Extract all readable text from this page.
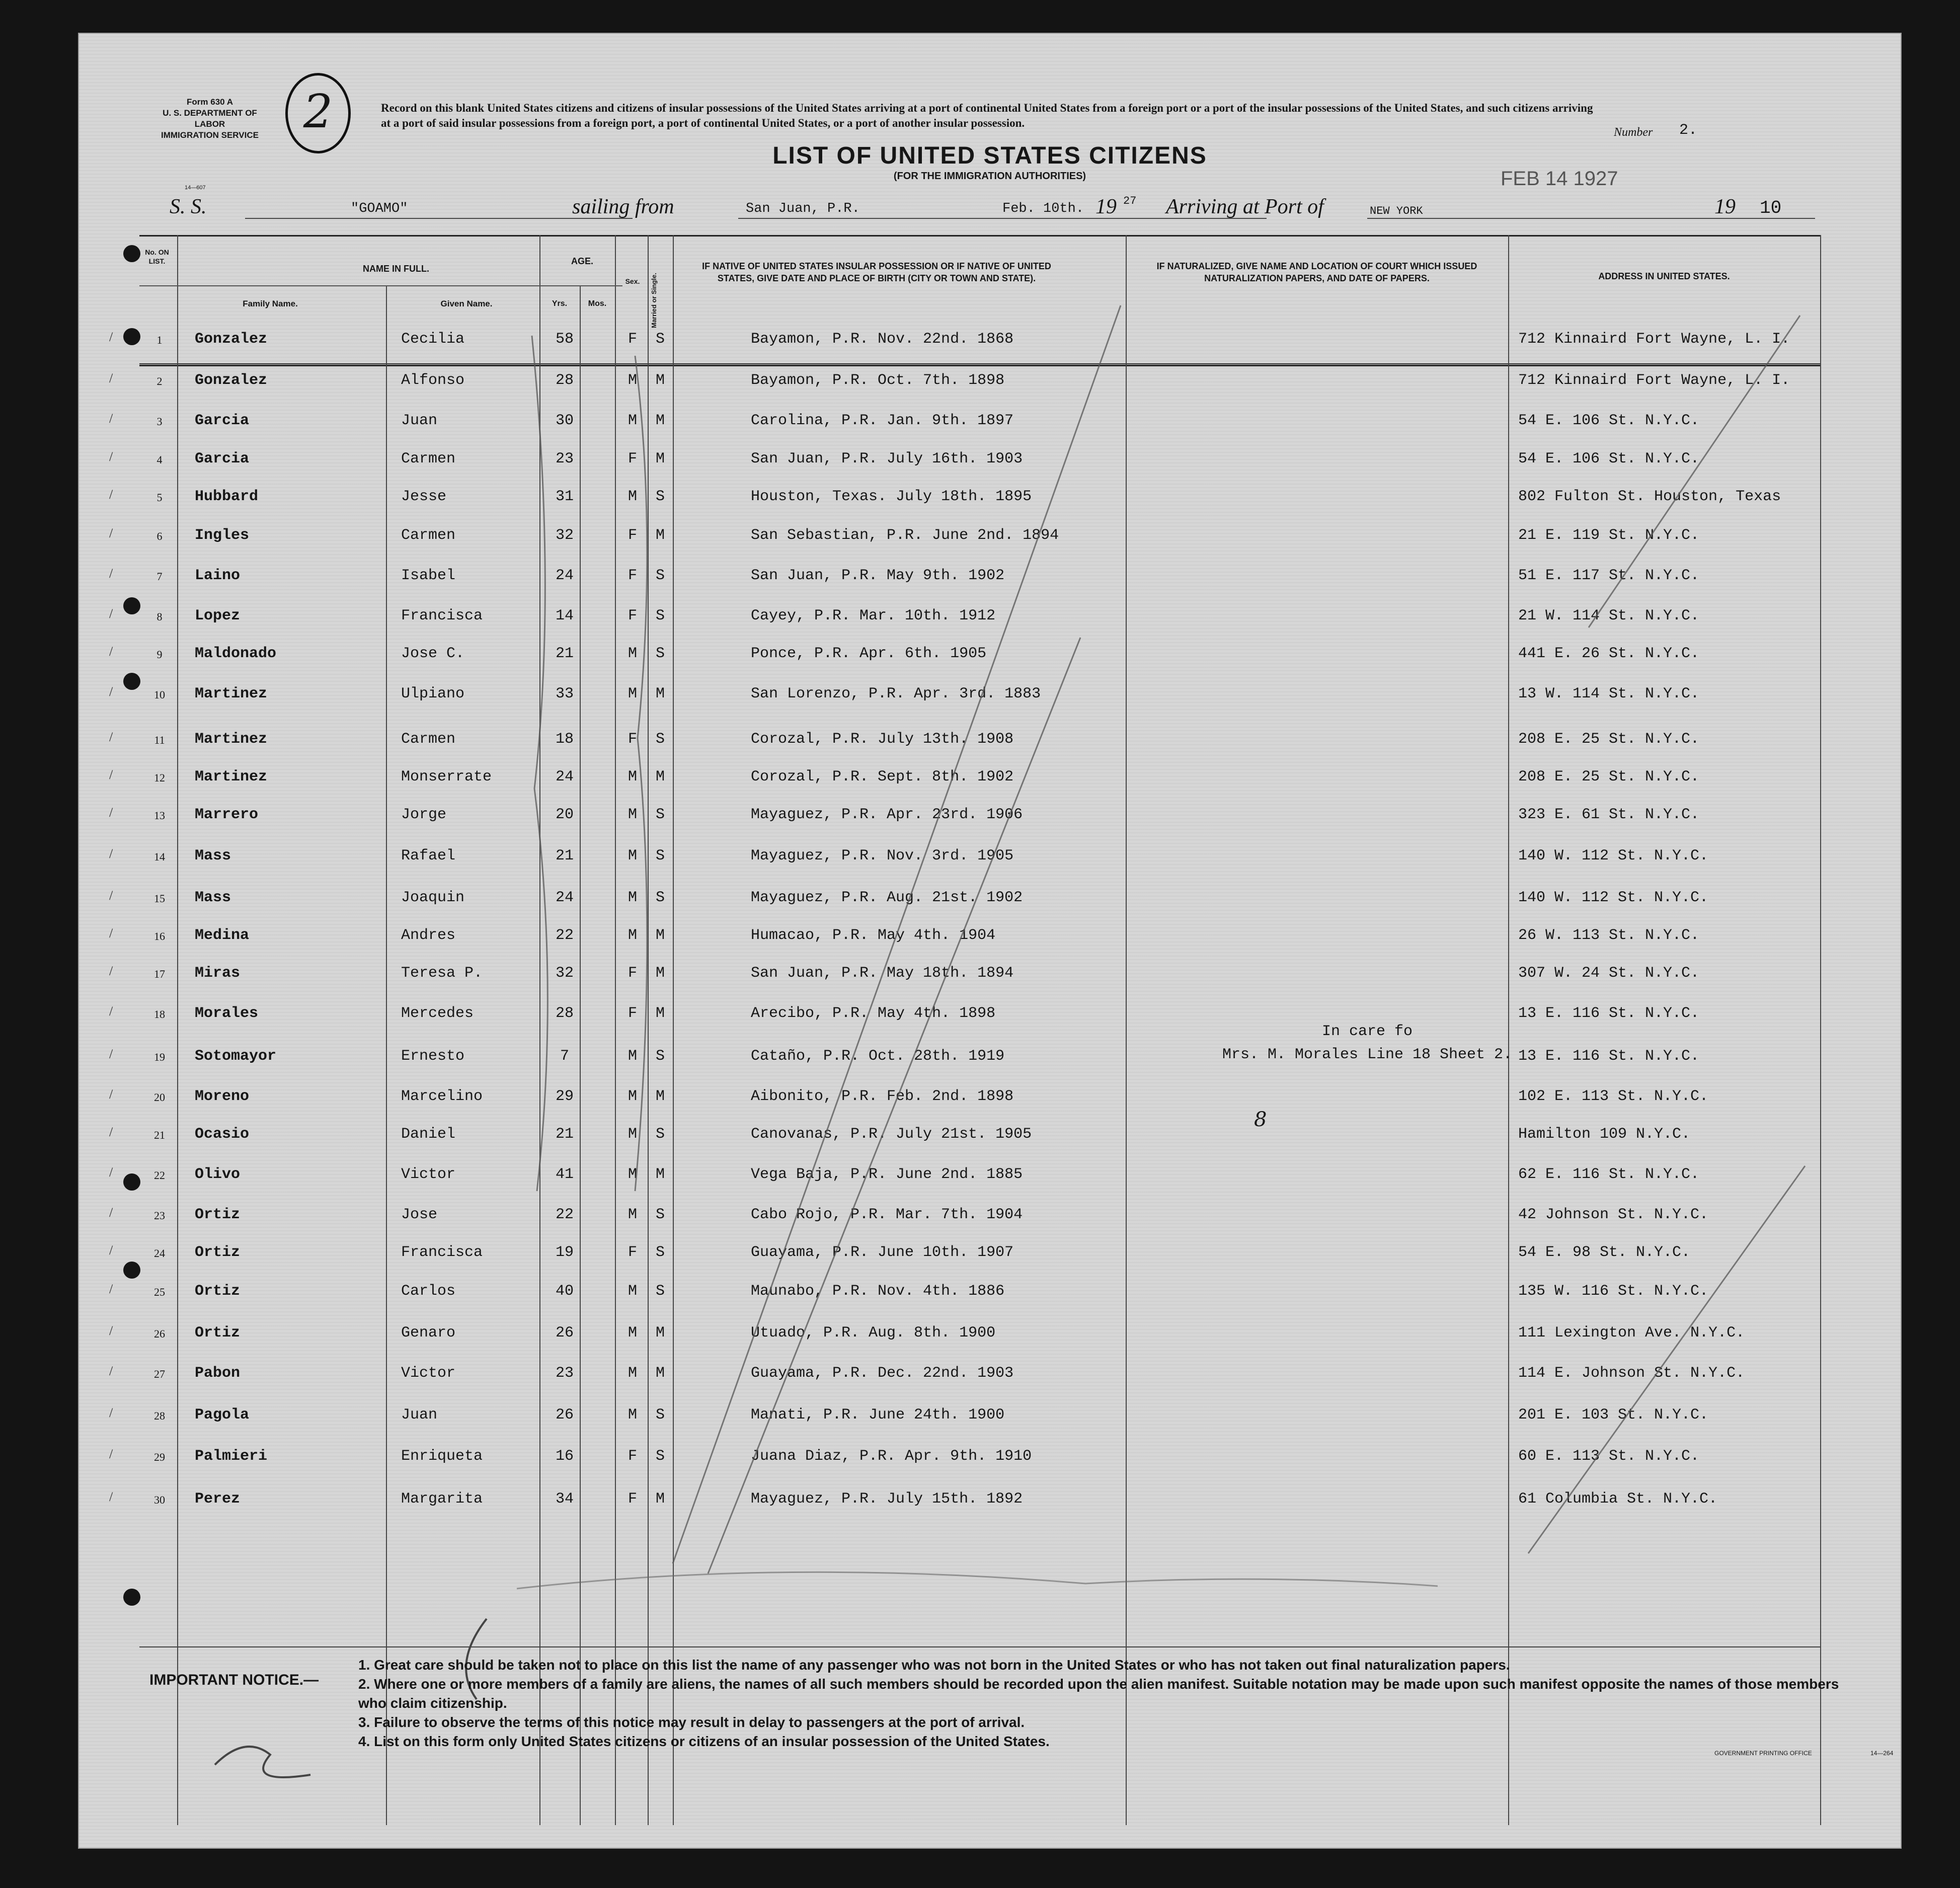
Form 630 A
U. S. DEPARTMENT OF LABOR
IMMIGRATION SERVICE 2
14—607
Record on this blank United States citizens and citizens of insular possessions of the United States arriving at a port of continental United States from a foreign port or a port of the insular possessions of the United States, and such citizens arriving at a port of said insular possessions from a foreign port, a port of continental United States, or a port of another insular possession.
LIST OF UNITED STATES CITIZENS
(FOR THE IMMIGRATION AUTHORITIES)
Number 2.
FEB 14 1927
S. S.	"GOAMO"	sailing from	San Juan, P.R.	Feb. 10th. 19 27 Arriving at Port of	NEW YORK	19 10
No. ON LIST.
NAME IN FULL.
Family Name.	Given Name.
AGE.
Yrs.	Mos.
Sex.	Married or Single.
IF NATIVE OF UNITED STATES INSULAR POSSESSION OR IF NATIVE OF UNITED STATES, GIVE DATE AND PLACE OF BIRTH (CITY OR TOWN AND STATE).
IF NATURALIZED, GIVE NAME AND LOCATION OF COURT WHICH ISSUED NATURALIZATION PAPERS, AND DATE OF PAPERS.	ADDRESS IN UNITED STATES.
/	1	Gonzalez	Cecilia	58	F	S	Bayamon, P.R. Nov. 22nd. 1868	712 Kinnaird Fort Wayne, L. I.
/	2	Gonzalez	Alfonso	28	M	M	Bayamon, P.R. Oct. 7th. 1898	712 Kinnaird Fort Wayne, L. I.
/	3	Garcia	Juan	30	M	M	Carolina, P.R. Jan. 9th. 1897	54 E. 106 St. N.Y.C.
/	4	Garcia	Carmen	23	F	M	San Juan, P.R. July 16th. 1903	54 E. 106 St. N.Y.C.
/	5	Hubbard	Jesse	31	M	S	Houston, Texas. July 18th. 1895	802 Fulton St. Houston, Texas
/	6	Ingles	Carmen	32	F	M	San Sebastian, P.R. June 2nd. 1894	21 E. 119 St. N.Y.C.
/	7	Laino	Isabel	24	F	S	San Juan, P.R. May 9th. 1902	51 E. 117 St. N.Y.C.
/	8	Lopez	Francisca	14	F	S	Cayey, P.R. Mar. 10th. 1912	21 W. 114 St. N.Y.C.
/	9	Maldonado	Jose C.	21	M	S	Ponce, P.R. Apr. 6th. 1905	441 E. 26 St. N.Y.C.
/	10	Martinez	Ulpiano	33	M	M	San Lorenzo, P.R. Apr. 3rd. 1883	13 W. 114 St. N.Y.C.
/	11	Martinez	Carmen	18	F	S	Corozal, P.R. July 13th. 1908	208 E. 25 St. N.Y.C.
/	12	Martinez	Monserrate	24	M	M	Corozal, P.R. Sept. 8th. 1902	208 E. 25 St. N.Y.C.
/	13	Marrero	Jorge	20	M	S	Mayaguez, P.R. Apr. 23rd. 1906	323 E. 61 St. N.Y.C.
/	14	Mass	Rafael	21	M	S	Mayaguez, P.R. Nov. 3rd. 1905	140 W. 112 St. N.Y.C.
/	15	Mass	Joaquin	24	M	S	Mayaguez, P.R. Aug. 21st. 1902	140 W. 112 St. N.Y.C.
/	16	Medina	Andres	22	M	M	Humacao, P.R. May 4th. 1904	26 W. 113 St. N.Y.C.
/	17	Miras	Teresa P.	32	F	M	San Juan, P.R. May 18th. 1894	307 W. 24 St. N.Y.C.
/	18	Morales	Mercedes	28	F	M	Arecibo, P.R. May 4th. 1898	13 E. 116 St. N.Y.C.
/	19	Sotomayor	Ernesto	7	M	S	Cataño, P.R. Oct. 28th. 1919	13 E. 116 St. N.Y.C.
/	20	Moreno	Marcelino	29	M	M	Aibonito, P.R. Feb. 2nd. 1898	102 E. 113 St. N.Y.C.
/	21	Ocasio	Daniel	21	M	S	Canovanas, P.R. July 21st. 1905	Hamilton 109 N.Y.C.
/	22	Olivo	Victor	41	M	M	Vega Baja, P.R. June 2nd. 1885	62 E. 116 St. N.Y.C.
/	23	Ortiz	Jose	22	M	S	Cabo Rojo, P.R. Mar. 7th. 1904	42 Johnson St. N.Y.C.
/	24	Ortiz	Francisca	19	F	S	Guayama, P.R. June 10th. 1907	54 E. 98 St. N.Y.C.
/	25	Ortiz	Carlos	40	M	S	Maunabo, P.R. Nov. 4th. 1886	135 W. 116 St. N.Y.C.
/	26	Ortiz	Genaro	26	M	M	Utuado, P.R. Aug. 8th. 1900	111 Lexington Ave. N.Y.C.
/	27	Pabon	Victor	23	M	M	Guayama, P.R. Dec. 22nd. 1903	114 E. Johnson St. N.Y.C.
/	28	Pagola	Juan	26	M	S	Manati, P.R. June 24th. 1900	201 E. 103 St. N.Y.C.
/	29	Palmieri	Enriqueta	16	F	S	Juana Diaz, P.R. Apr. 9th. 1910	60 E. 113 St. N.Y.C.
/	30	Perez	Margarita	34	F	M	Mayaguez, P.R. July 15th. 1892	61 Columbia St. N.Y.C.
In care fo
Mrs. M. Morales Line 18 Sheet 2.
8
IMPORTANT NOTICE.—
1. Great care should be taken not to place on this list the name of any passenger who was not born in the United States or who has not taken out final naturalization papers.
2. Where one or more members of a family are aliens, the names of all such members should be recorded upon the alien manifest. Suitable notation may be made upon such manifest opposite the names of those members who claim citizenship.
3. Failure to observe the terms of this notice may result in delay to passengers at the port of arrival.
4. List on this form only United States citizens or citizens of an insular possession of the United States.
GOVERNMENT PRINTING OFFICE	14—264
